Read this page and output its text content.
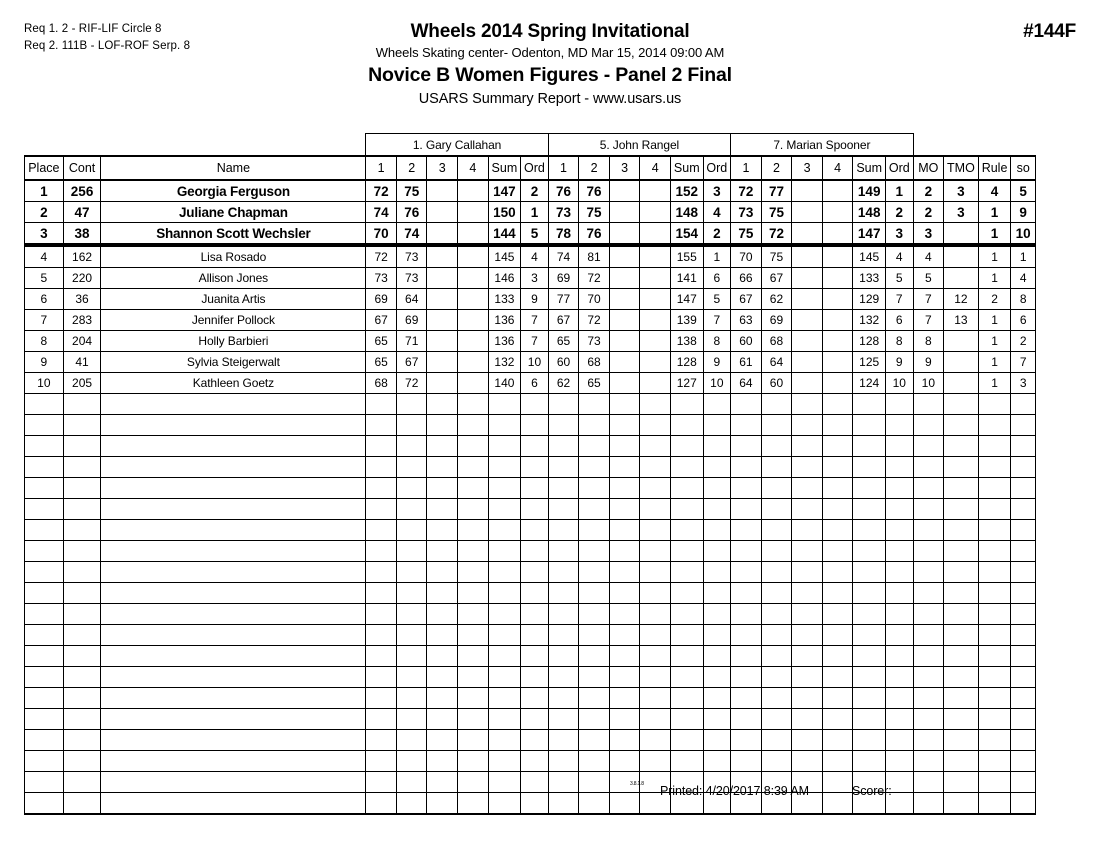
Req 1. 2 - RIF-LIF Circle 8
Req 2. 111B - LOF-ROF Serp. 8
Wheels 2014 Spring Invitational
Wheels Skating center- Odenton, MD Mar 15, 2014 09:00 AM
Novice B Women Figures - Panel 2 Final
USARS Summary Report - www.usars.us
#144F
			1. Gary Callahan						5. John Rangel						7. Marian Spooner									
Place	Cont	Name	1	2	3	4	Sum	Ord	1	2	3	4	Sum	Ord	1	2	3	4	Sum	Ord	MO	TMO	Rule	so
1	256	Georgia Ferguson	72	75			147	2	76	76			152	3	72	77			149	1	2	3	4	5
2	47	Juliane Chapman	74	76			150	1	73	75			148	4	73	75			148	2	2	3	1	9
3	38	Shannon Scott Wechsler	70	74			144	5	78	76			154	2	75	72			147	3	3		1	10
4	162	Lisa Rosado	72	73			145	4	74	81			155	1	70	75			145	4	4		1	1
5	220	Allison Jones	73	73			146	3	69	72			141	6	66	67			133	5	5		1	4
6	36	Juanita Artis	69	64			133	9	77	70			147	5	67	62			129	7	7	12	2	8
7	283	Jennifer Pollock	67	69			136	7	67	72			139	7	63	69			132	6	7	13	1	6
8	204	Holly Barbieri	65	71			136	7	65	73			138	8	60	68			128	8	8		1	2
9	41	Sylvia Steigerwalt	65	67			132	10	60	68			128	9	61	64			125	9	9		1	7
10	205	Kathleen Goetz	68	72			140	6	62	65			127	10	64	60			124	10	10		1	3

3.8.1.8 Printed: 4/20/2017 8:39 AM	Scorer:
